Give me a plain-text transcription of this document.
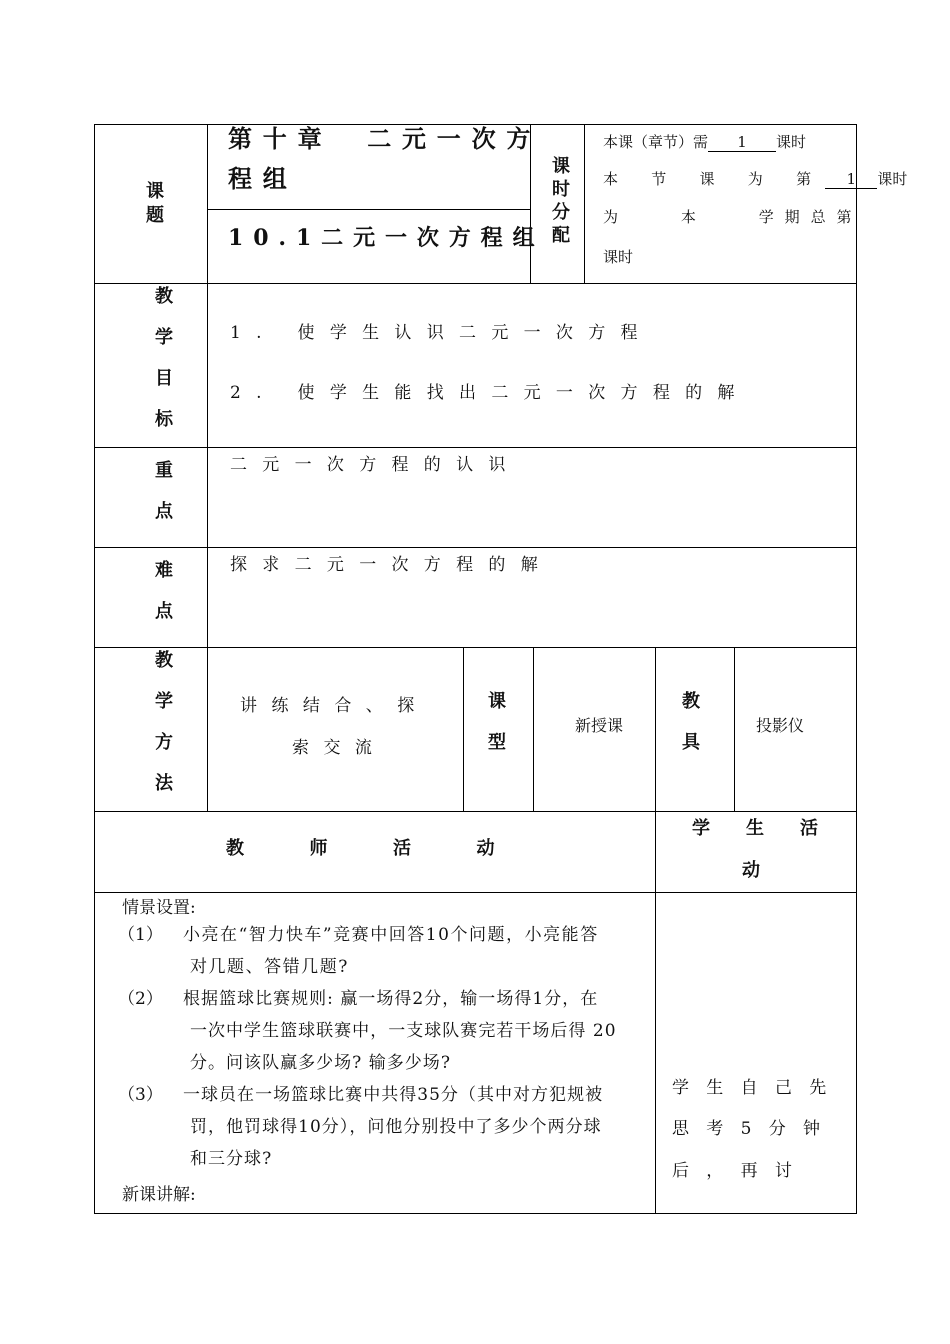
课题
第十章　二元一次方
程组
10.1二元一次方程组
课时分配
本课（章节）需 1 课时
本 节 课 为 第 1 课时
为　　本　　学期总第
课时
教学目标
1. 使学生认识二元一次方程
2. 使学生能找出二元一次方程的解
重点
二元一次方程的认识
难点
探求二元一次方程的解
教学方法
讲练结合、探
索交流
课型
新授课
教具
投影仪
教　　　师　　　活　　　动
学　　生　　活
动
情景设置:
（1） 小亮在“智力快车”竞赛中回答10个问题，小亮能答
对几题、答错几题?
（2） 根据篮球比赛规则: 赢一场得2分，输一场得1分，在
一次中学生篮球联赛中，一支球队赛完若干场后得 20
分。问该队赢多少场? 输多少场?
（3） 一球员在一场篮球比赛中共得35分（其中对方犯规被
罚，他罚球得10分），问他分别投中了多少个两分球
和三分球?
新课讲解:
学 生 自 己 先
思 考 5 分 钟
后 ， 再 讨
